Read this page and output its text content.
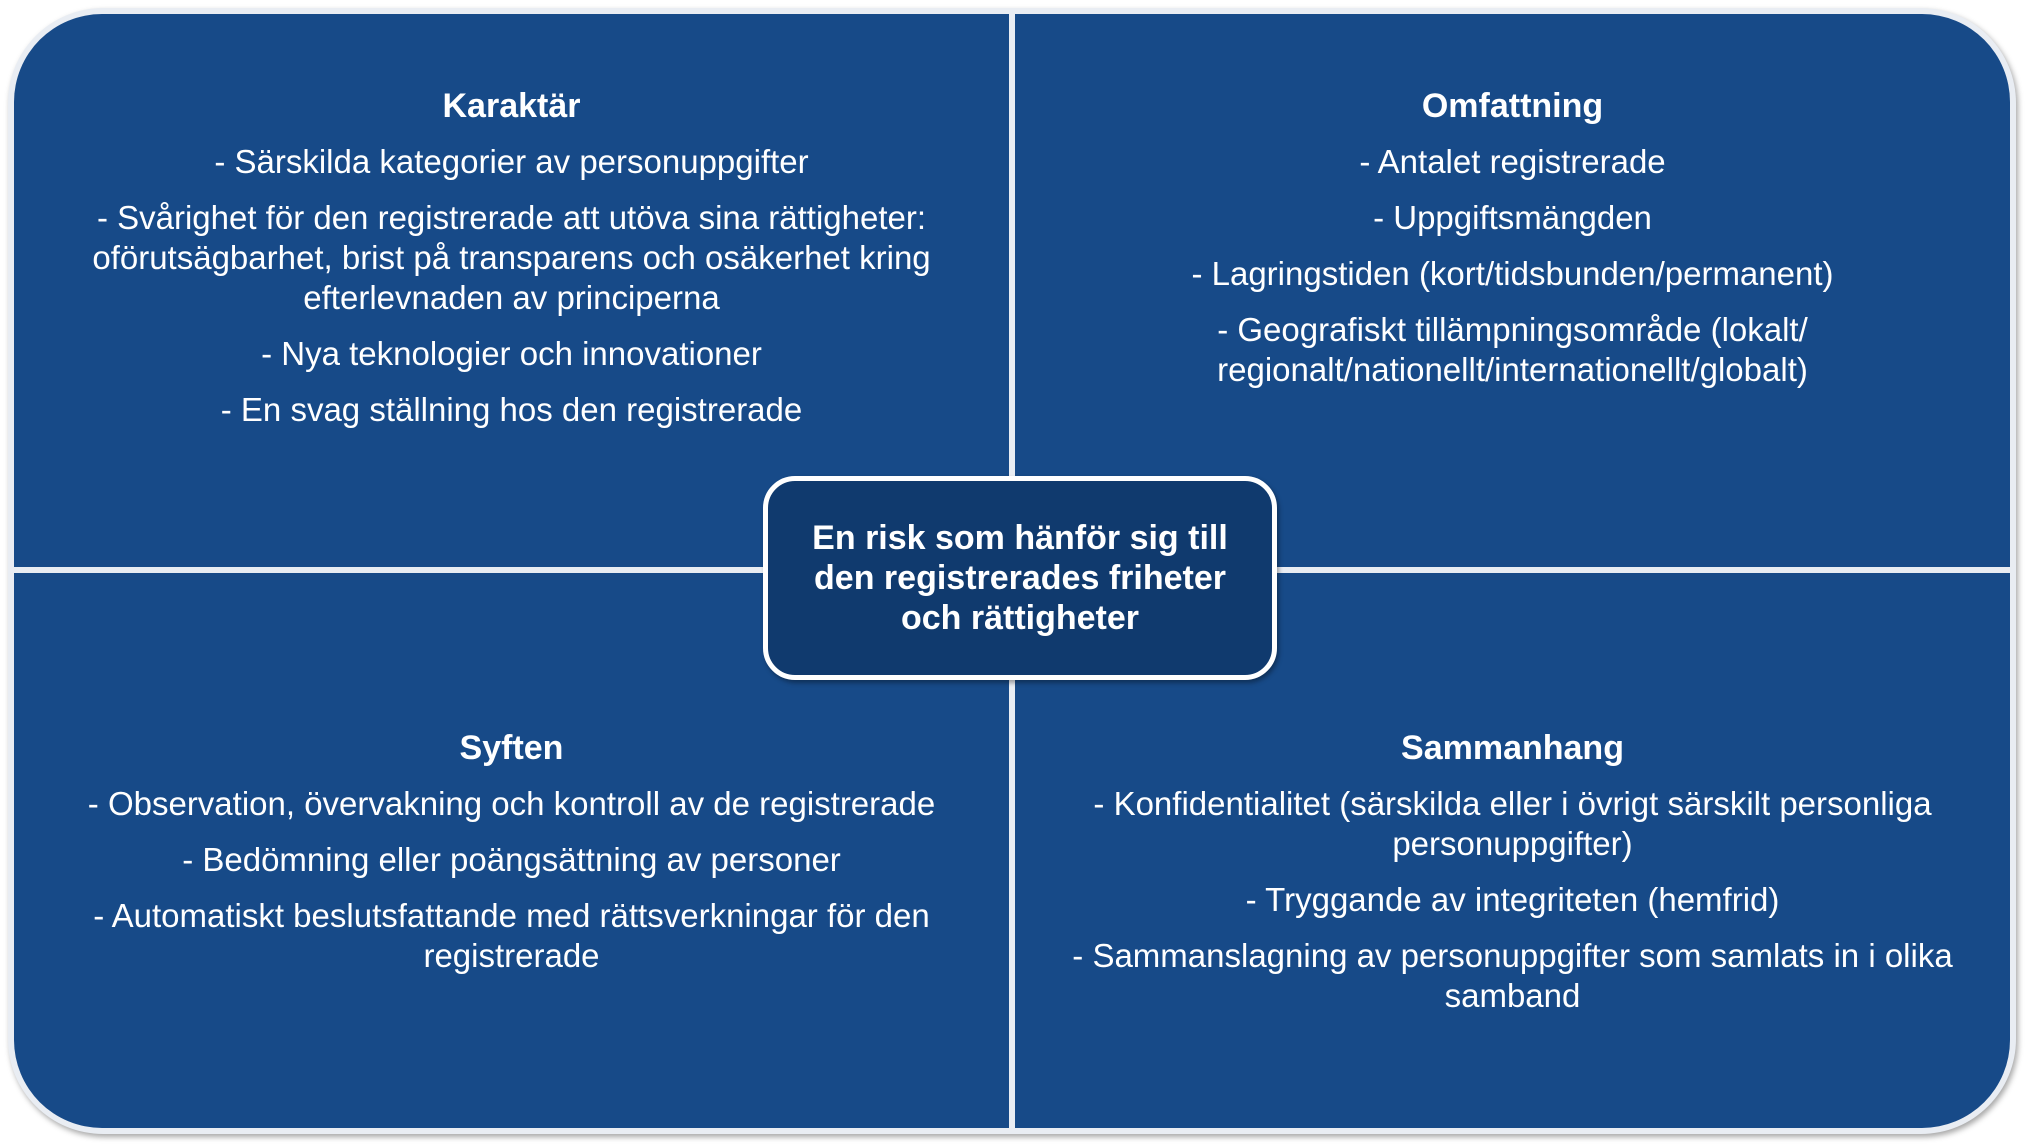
Karaktär
- Särskilda kategorier av personuppgifter
- Svårighet för den registrerade att utöva sina rättigheter: oförutsägbarhet, brist på transparens och osäkerhet kring efterlevnaden av principerna
- Nya teknologier och innovationer
- En svag ställning hos den registrerade
Omfattning
- Antalet registrerade
- Uppgiftsmängden
- Lagringstiden (kort/tidsbunden/permanent)
- Geografiskt tillämpningsområde (lokalt/ regionalt/nationellt/internationellt/globalt)
Syften
- Observation, övervakning och kontroll av de registrerade
- Bedömning eller poängsättning av personer
- Automatiskt beslutsfattande med rättsverkningar för den registrerade
Sammanhang
- Konfidentialitet (särskilda eller i övrigt särskilt personliga personuppgifter)
- Tryggande av integriteten (hemfrid)
- Sammanslagning av personuppgifter som samlats in i olika samband
En risk som hänför sig till den registrerades friheter och rättigheter
